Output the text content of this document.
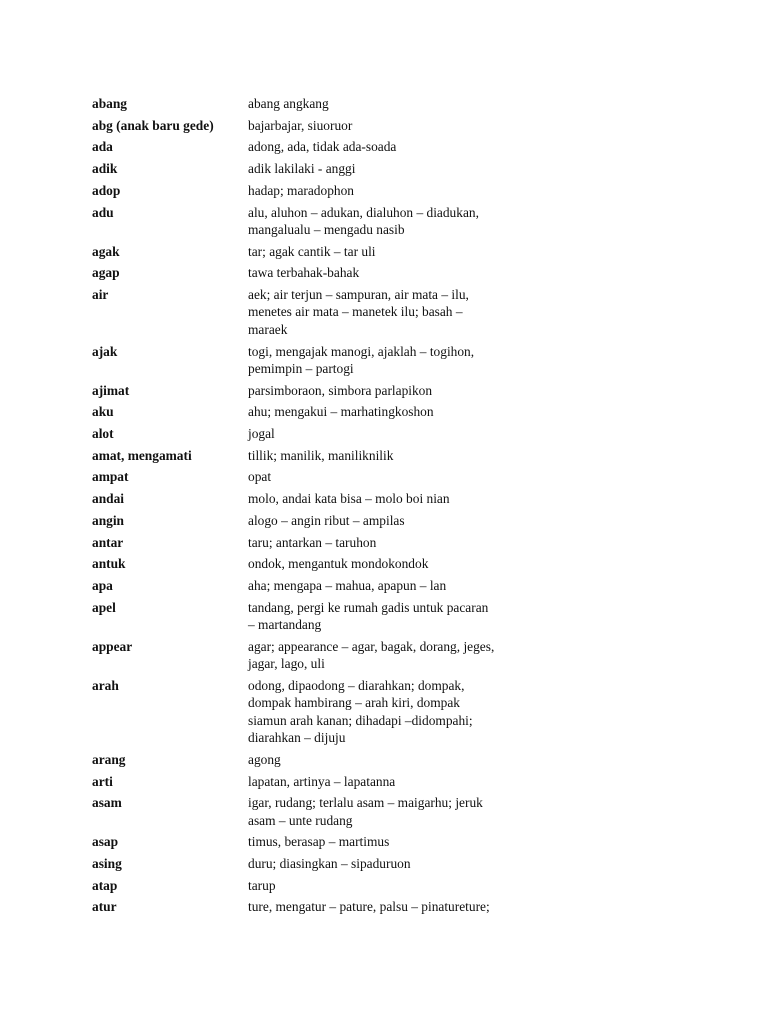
abang	abang angkang
abg (anak baru gede)	bajarbajar, siuoruor
ada	adong, ada, tidak ada-soada
adik	adik lakilaki - anggi
adop	hadap; maradophon
adu	alu, aluhon – adukan, dialuhon – diadukan,
mangalualu – mengadu nasib
agak	tar; agak cantik – tar uli
agap	tawa terbahak-bahak
air	aek; air terjun – sampuran, air mata – ilu,
menetes air mata – manetek ilu; basah –
maraek
ajak	togi, mengajak manogi, ajaklah – togihon,
pemimpin – partogi
ajimat	parsimboraon, simbora parlapikon
aku	ahu; mengakui – marhatingkoshon
alot	jogal
amat, mengamati	tillik; manilik, maniliknilik
ampat	opat
andai	molo, andai kata bisa – molo boi nian
angin	alogo – angin ribut – ampilas
antar	taru; antarkan – taruhon
antuk	ondok, mengantuk mondokondok
apa	aha; mengapa – mahua, apapun – lan
apel	tandang, pergi ke rumah gadis untuk pacaran
– martandang
appear	agar; appearance – agar, bagak, dorang, jeges,
jagar, lago, uli
arah	odong, dipaodong – diarahkan; dompak,
dompak hambirang – arah kiri, dompak
siamun arah kanan; dihadapi –didompahi;
diarahkan – dijuju
arang	agong
arti	lapatan, artinya – lapatanna
asam	igar, rudang; terlalu asam – maigarhu; jeruk
asam – unte rudang
asap	timus, berasap – martimus
asing	duru; diasingkan – sipaduruon
atap	tarup
atur	ture, mengatur – pature, palsu – pinatureture;
